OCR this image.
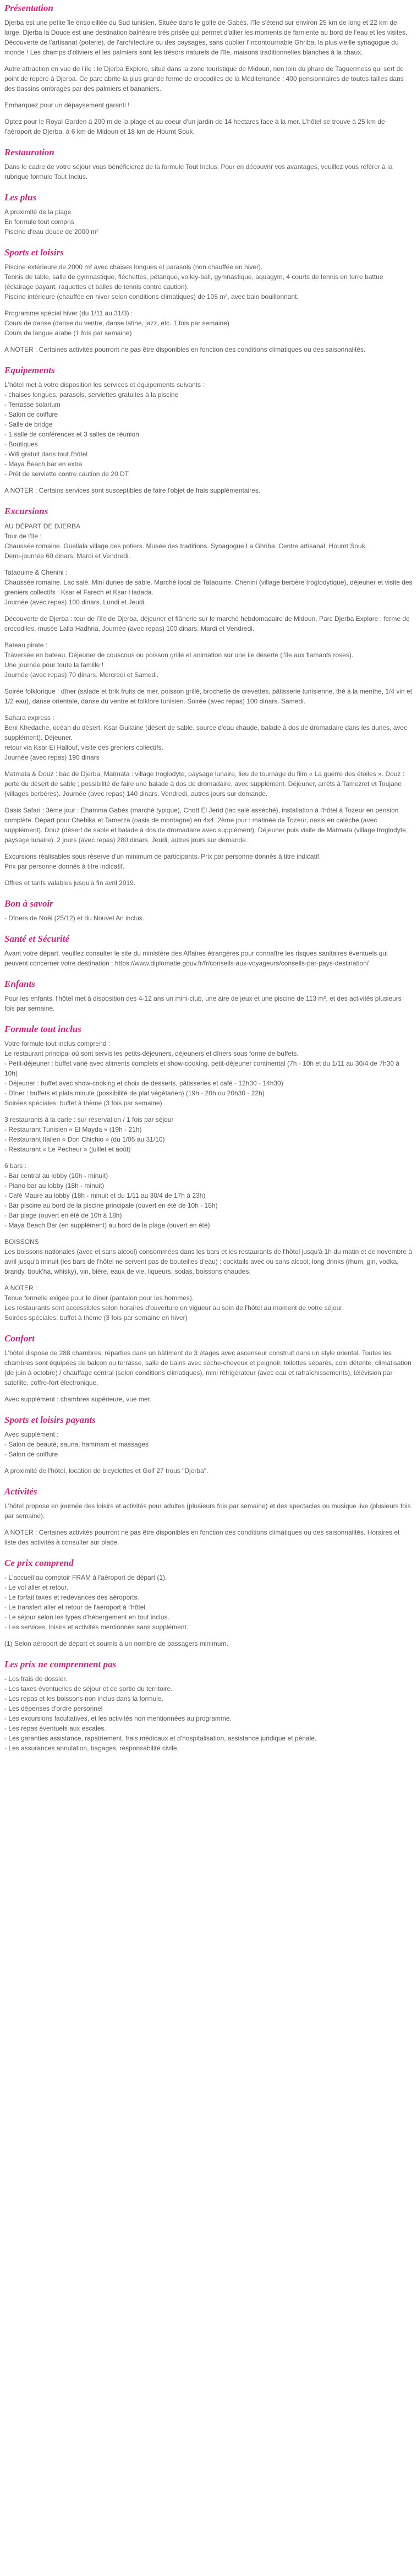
Présentation
Djerba est une petite île ensoleillée du Sud tunisien. Située dans le golfe de Gabès, l'île s'étend sur environ 25 km de long et 22 km de large. Djerba la Douce est une destination balnéaire très prisée qui permet d'allier les moments de farniente au bord de l'eau et les visites.
Découverte de l'artisanat (poterie), de l'architecture ou des paysages, sans oublier l'incontournable Ghriba, la plus vieille synagogue du monde ! Les champs d'oliviers et les palmiers sont les trésors naturels de l'île, maisons traditionnelles blanches à la chaux.
Autre attraction en vue de l'île : le Djerba Explore, situé dans la zone touristique de Midoun, non loin du phare de Taguermess qui sert de point de repère à Djerba. Ce parc abrite la plus grande ferme de crocodiles de la Méditerranée : 400 pensionnaires de toutes tailles dans des bassins ombragés par des palmiers et bananiers.
Embarquez pour un dépaysement garanti !
Optez pour le Royal Garden à 200 m de la plage et au coeur d'un jardin de 14 hectares face à la mer. L'hôtel se trouve à 25 km de l'aéroport de Djerba, à 6 km de Midoun et 18 km de Houmt Souk.
Restauration
Dans le cadre de votre séjour vous bénéficierez de la formule Tout Inclus. Pour en découvrir vos avantages, veuillez vous référer à la rubrique formule Tout Inclus.
Les plus
A proximité de la plage
En formule tout compris
Piscine d'eau douce de 2000 m²
Sports et loisirs
Piscine extérieure de 2000 m² avec chaises longues et parasols (non chauffée en hiver).
Tennis de table, salle de gymnastique, fléchettes, pétanque, volley-ball, gymnastique, aquagym, 4 courts de tennis en terre battue (éclairage payant, raquettes et balles de tennis contre caution).
Piscine intérieure (chauffée en hiver selon conditions climatiques) de 105 m², avec bain bouillonnant.
Programme spécial hiver (du 1/11 au 31/3) :
Cours de danse (danse du ventre, danse latine, jazz, etc. 1 fois par semaine)
Cours de langue arabe (1 fois par semaine)
A NOTER : Certaines activités pourront ne pas être disponibles en fonction des conditions climatiques ou des saisonnalités.
Equipements
L'hôtel met à votre disposition les services et équipements suivants :
- chaises longues, parasols, serviettes gratuites à la piscine
- Terrasse solarium
- Salon de coiffure
- Salle de bridge
- 1 salle de conférences et 3 salles de réunion
- Boutiques
- Wifi gratuit dans tout l'hôtel
- Maya Beach bar en extra
- Prêt de serviette contre caution de 20 DT.
A NOTER : Certains services sont susceptibles de faire l'objet de frais supplémentaires.
Excursions
AU DÉPART DE DJERBA
Tour de l'île :
Chaussée romaine. Guellala village des potiers. Musée des traditions. Synagogue La Ghriba. Centre artisanal. Houmt Souk.
Demi-journée 60 dinars. Mardi et Vendredi.
Tataouine & Chenini :
Chaussée romaine. Lac salé. Mini dunes de sable. Marché local de Tataouine. Chenini (village berbère troglodytique), déjeuner et visite des greniers collectifs : Ksar el Farech et Ksar Hadada.
Journée (avec repas) 100 dinars. Lundi et Jeudi.
Découverte de Djerba : tour de l'île de Djerba, déjeuner et flânerie sur le marché hebdomadaire de Midoun. Parc Djerba Explore : ferme de crocodiles, musée Lalla Hadhria. Journée (avec repas) 100 dinars. Mardi et Vendredi.
Bateau pirate :
Traversée en bateau. Déjeuner de couscous ou poisson grillé et animation sur une île déserte (l'île aux flamants roses).
Une journée pour toute la famille !
Journée (avec repas) 70 dinars. Mercredi et Samedi.
Soirée folklorique : dîner (salade et brik fruits de mer, poisson grillé, brochette de crevettes, pâtisserie tunisienne, thé à la menthe, 1/4 vin et 1/2 eau), danse orientale, danse du ventre et folklore tunisien. Soirée (avec repas) 100 dinars. Samedi.
Sahara express :
Beni Khedache, océan du désert, Ksar Guilaine (désert de sable, source d'eau chaude, balade à dos de dromadaire dans les dunes, avec supplément). Déjeuner.
retour via Ksar El Hallouf, visite des greniers collectifs.
Journée (avec repas) 190 dinars
Matmata & Douz : bac de Djerba, Matmata : village troglodyte, paysage lunaire, lieu de tournage du film « La guerre des étoiles ». Douz : porte du désert de sable ; possibilité de faire une balade à dos de dromadaire, avec supplément. Déjeuner, arrêts à Tamezret et Toujane (villages berbères). Journée (avec repas) 140 dinars. Vendredi, autres jours sur demande.
Oasis Safari : 3ème jour : Ehamma Gabès (marché typique), Chott El Jerid (lac salé asséché), installation à l'hôtel à Tozeur en pension complète. Départ pour Chebika et Tamerza (oasis de montagne) en 4x4. 2ème jour : matinée de Tozeur, oasis en calèche (avec supplément). Douz (désert de sable et balade à dos de dromadaire avec supplément). Déjeuner puis visite de Matmata (village troglodyte, paysage lunaire). 2 jours (avec repas) 280 dinars. Jeudi, autres jours sur demande.
Excursions réalisables sous réserve d'un minimum de participants. Prix par personne donnés à titre indicatif.
Prix par personne donnés à titre indicatif.
Offres et tarifs valables jusqu'à fin avril 2019.
Bon à savoir
- Dîners de Noël (25/12) et du Nouvel An inclus.
Santé et Sécurité
Avant votre départ, veuillez consulter le site du ministère des Affaires étrangères pour connaître les risques sanitaires éventuels qui peuvent concerner votre destination : https://www.diplomatie.gouv.fr/fr/conseils-aux-voyageurs/conseils-par-pays-destination/
Enfants
Pour les enfants, l'hôtel met à disposition des 4-12 ans un mini-club, une aire de jeux et une piscine de 113 m², et des activités plusieurs fois par semaine.
Formule tout inclus
Votre formule tout inclus comprend :
Le restaurant principal où sont servis les petits-déjeuners, déjeuners et dîners sous forme de buffets.
- Petit-déjeuner : buffet varié avec aliments complets et show-cooking, petit-déjeuner continental (7h - 10h et du 1/11 au 30/4 de 7h30 à 10h)
- Déjeuner : buffet avec show-cooking et choix de desserts, pâtisseries et café - 12h30 - 14h30)
- Dîner : buffets et plats minute (possibilité de plat végétarien) (19h - 20h ou 20h30 - 22h)
Soirées spéciales: buffet à thème (3 fois par semaine)
3 restaurants à la carte : sur réservation / 1 fois par séjour
- Restaurant Tunisien « El Mayda » (19h - 21h)
- Restaurant Italien « Don Chichio » (du 1/05 au 31/10)
- Restaurant « Le Pecheur » (juillet et août)
6 bars :
- Bar central au lobby (10h - minuit)
- Piano bar au lobby (18h - minuit)
- Café Maure au lobby (18h - minuit et du 1/11 au 30/4 de 17h à 23h)
- Bar piscine au bord de la piscine principale (ouvert en été de 10h - 18h)
- Bar plage (ouvert en été de 10h à 18h)
- Maya Beach Bar (en supplément) au bord de la plage (ouvert en été)
BOISSONS
Les boissons nationales (avec et sans alcool) consommées dans les bars et les restaurants de l'hôtel jusqu'à 1h du matin et de novembre à avril jusqu'à minuit (les bars de l'hôtel ne servent pas de bouteilles d'eau) : cocktails avec ou sans alcool, long drinks (rhum, gin, vodka, brandy, bouk'ha, whisky), vin, bière, eaux de vie, liqueurs, sodas, boissons chaudes.
A NOTER :
Tenue formelle exigée pour le dîner (pantalon pour les hommes).
Les restaurants sont accessibles selon horaires d'ouverture en vigueur au sein de l'hôtel au moment de votre séjour.
Soirées spéciales: buffet à thème (3 fois par semaine en hiver)
Confort
L'hôtel dispose de 288 chambres, réparties dans un bâtiment de 3 étages avec ascenseur construit dans un style oriental. Toutes les chambres sont équipées de balcon ou terrasse, salle de bains avec sèche-cheveux et peignoir, toilettes séparés, coin détente, climatisation (de juin à octobre) / chauffage central (selon conditions climatiques), mini réfrigérateur (avec eau et rafraîchissements), télévision par satellite, coffre-fort électronique.
Avec supplément : chambres supérieure, vue mer.
Sports et loisirs payants
Avec supplément :
- Salon de beauté, sauna, hammam et massages
- Salon de coiffure
A proximité de l'hôtel, location de bicyclettes et Golf 27 trous "Djerba".
Activités
L'hôtel propose en journée des loisirs et activités pour adultes (plusieurs fois par semaine) et des spectacles ou musique live (plusieurs fois par semaine).
A NOTER : Certaines activités pourront ne pas être disponibles en fonction des conditions climatiques ou des saisonnalités. Horaires et liste des activités à consulter sur place.
Ce prix comprend
- L'accueil au comptoir FRAM à l'aéroport de départ (1).
- Le vol aller et retour.
- Le forfait taxes et redevances des aéroports.
- Le transfert aller et retour de l'aéroport à l'hôtel.
- Le séjour selon les types d'hébergement en tout inclus.
- Les services, loisirs et activités mentionnés sans supplément.
(1) Selon aéroport de départ et soumis à un nombre de passagers minimum.
Les prix ne comprennent pas
- Les frais de dossier.
- Les taxes éventuelles de séjour et de sortie du territoire.
- Les repas et les boissons non inclus dans la formule.
- Les dépenses d'ordre personnel
- Les excursions facultatives, et les activités non mentionnées au programme.
- Les repas éventuels aux escales.
- Les garanties assistance, rapatriement, frais médicaux et d'hospitalisation, assistance juridique et pénale.
- Les assurances annulation, bagages, responsabilité civile.
